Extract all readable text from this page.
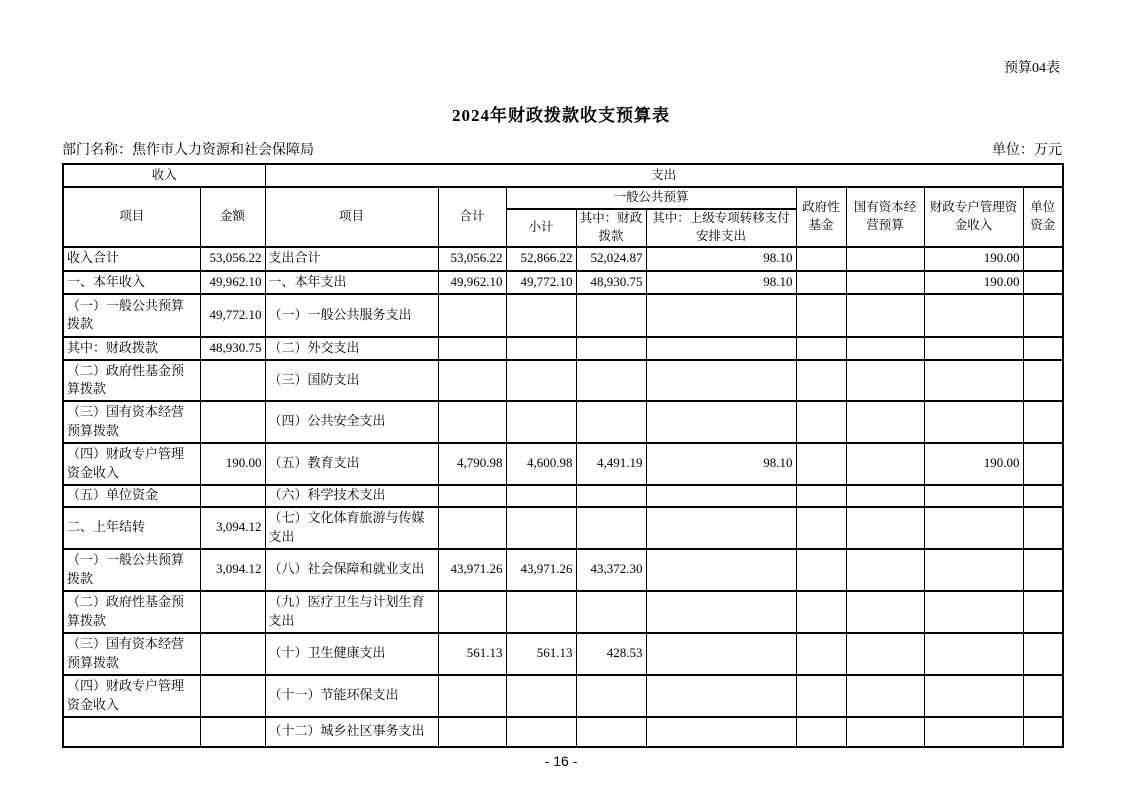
预算04表
2024年财政拨款收支预算表
部门名称：焦作市人力资源和社会保障局	单位：万元
收入		支出								
项目	金额	项目	合计	一般公共预算			政府性基金	国有资本经营预算	财政专户管理资金收入	单位资金
				小计	其中：财政拨款	其中：上级专项转移支付安排支出				
收入合计	53,056.22	支出合计	53,056.22	52,866.22	52,024.87	98.10			190.00	
一、本年收入	49,962.10	一、本年支出	49,962.10	49,772.10	48,930.75	98.10			190.00	
（一）一般公共预算拨款	49,772.10	（一）一般公共服务支出								
其中：财政拨款	48,930.75	（二）外交支出								
（二）政府性基金预算拨款		（三）国防支出								
（三）国有资本经营预算拨款		（四）公共安全支出								
（四）财政专户管理资金收入	190.00	（五）教育支出	4,790.98	4,600.98	4,491.19	98.10			190.00	
（五）单位资金		（六）科学技术支出								
二、上年结转	3,094.12	（七）文化体育旅游与传媒支出								
（一）一般公共预算拨款	3,094.12	（八）社会保障和就业支出	43,971.26	43,971.26	43,372.30					
（二）政府性基金预算拨款		（九）医疗卫生与计划生育支出								
（三）国有资本经营预算拨款		（十）卫生健康支出	561.13	561.13	428.53					
（四）财政专户管理资金收入		（十一）节能环保支出								
		（十二）城乡社区事务支出								
- 16 -
